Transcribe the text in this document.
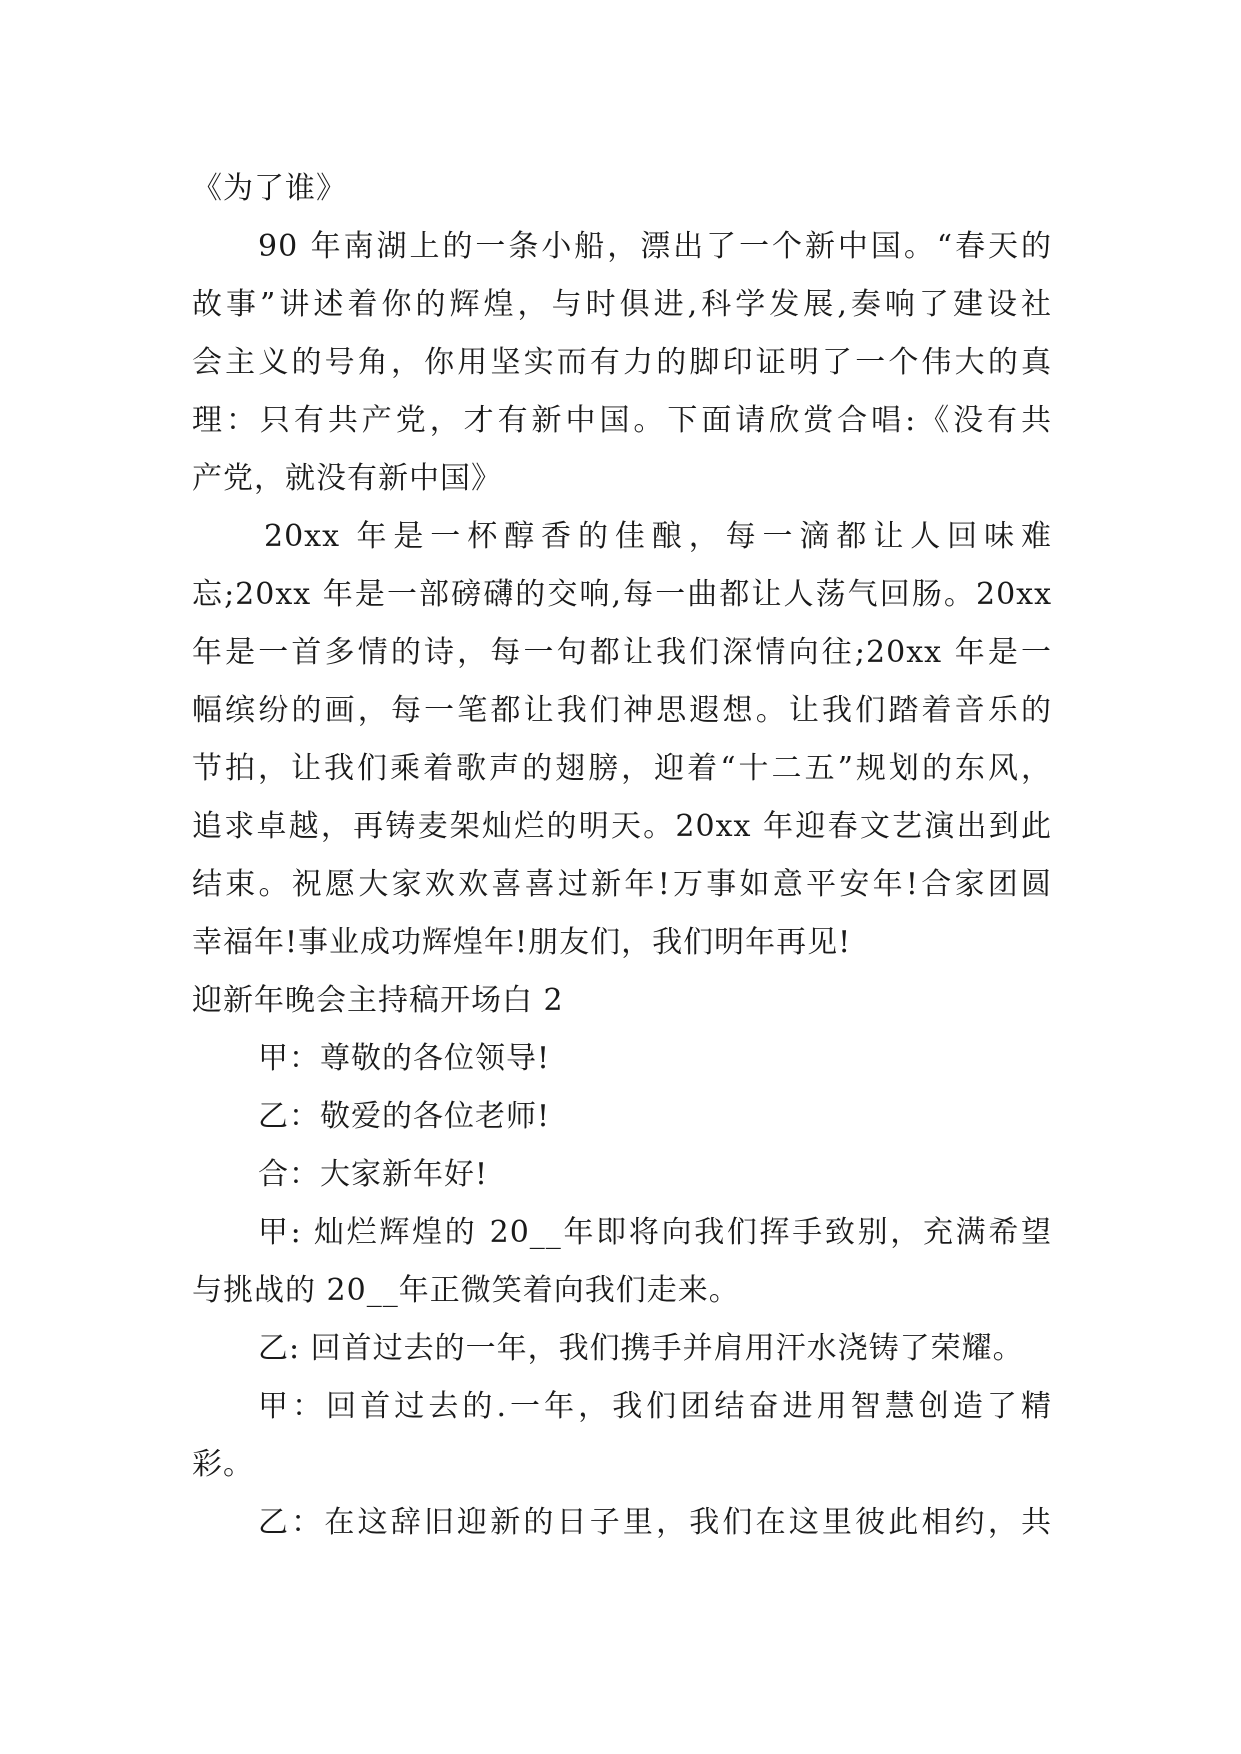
《为了谁》
90 年南湖上的一条小船，漂出了一个新中国。“春天的
故事”讲述着你的辉煌，与时俱进,科学发展,奏响了建设社
会主义的号角，你用坚实而有力的脚印证明了一个伟大的真
理：只有共产党，才有新中国。下面请欣赏合唱:《没有共
产党，就没有新中国》
20xx 年是一杯醇香的佳酿，每一滴都让人回味难
忘;20xx 年是一部磅礴的交响,每一曲都让人荡气回肠。20xx
年是一首多情的诗，每一句都让我们深情向往;20xx 年是一
幅缤纷的画，每一笔都让我们神思遐想。让我们踏着音乐的
节拍，让我们乘着歌声的翅膀，迎着“十二五”规划的东风，
追求卓越，再铸麦架灿烂的明天。20xx 年迎春文艺演出到此
结束。祝愿大家欢欢喜喜过新年!万事如意平安年!合家团圆
幸福年!事业成功辉煌年!朋友们，我们明年再见!
迎新年晚会主持稿开场白 2
甲：尊敬的各位领导!
乙：敬爱的各位老师!
合：大家新年好!
甲: 灿烂辉煌的 20__年即将向我们挥手致别，充满希望
与挑战的 20__年正微笑着向我们走来。
乙: 回首过去的一年，我们携手并肩用汗水浇铸了荣耀。
甲：回首过去的.一年，我们团结奋进用智慧创造了精
彩。
乙：在这辞旧迎新的日子里，我们在这里彼此相约，共
